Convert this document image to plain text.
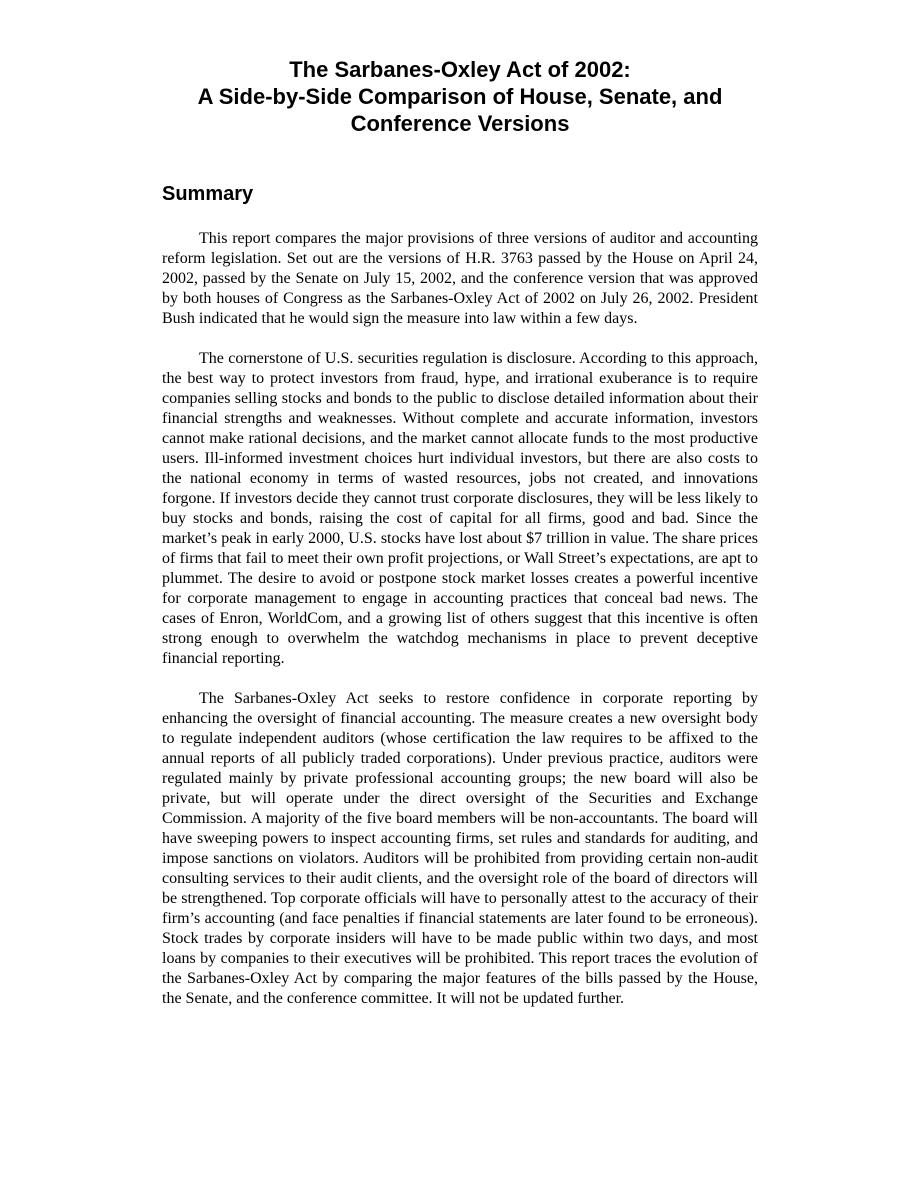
The Sarbanes-Oxley Act of 2002:
A Side-by-Side Comparison of House, Senate, and
Conference Versions
Summary

This report compares the major provisions of three versions of auditor and accounting reform legislation. Set out are the versions of H.R. 3763 passed by the House on April 24, 2002, passed by the Senate on July 15, 2002, and the conference version that was approved by both houses of Congress as the Sarbanes-Oxley Act of 2002 on July 26, 2002. President Bush indicated that he would sign the measure into law within a few days.

The cornerstone of U.S. securities regulation is disclosure. According to this approach, the best way to protect investors from fraud, hype, and irrational exuberance is to require companies selling stocks and bonds to the public to disclose detailed information about their financial strengths and weaknesses. Without complete and accurate information, investors cannot make rational decisions, and the market cannot allocate funds to the most productive users. Ill-informed investment choices hurt individual investors, but there are also costs to the national economy in terms of wasted resources, jobs not created, and innovations forgone. If investors decide they cannot trust corporate disclosures, they will be less likely to buy stocks and bonds, raising the cost of capital for all firms, good and bad. Since the market’s peak in early 2000, U.S. stocks have lost about $7 trillion in value. The share prices of firms that fail to meet their own profit projections, or Wall Street’s expectations, are apt to plummet. The desire to avoid or postpone stock market losses creates a powerful incentive for corporate management to engage in accounting practices that conceal bad news. The cases of Enron, WorldCom, and a growing list of others suggest that this incentive is often strong enough to overwhelm the watchdog mechanisms in place to prevent deceptive financial reporting.

The Sarbanes-Oxley Act seeks to restore confidence in corporate reporting by enhancing the oversight of financial accounting. The measure creates a new oversight body to regulate independent auditors (whose certification the law requires to be affixed to the annual reports of all publicly traded corporations). Under previous practice, auditors were regulated mainly by private professional accounting groups; the new board will also be private, but will operate under the direct oversight of the Securities and Exchange Commission. A majority of the five board members will be non-accountants. The board will have sweeping powers to inspect accounting firms, set rules and standards for auditing, and impose sanctions on violators. Auditors will be prohibited from providing certain non-audit consulting services to their audit clients, and the oversight role of the board of directors will be strengthened. Top corporate officials will have to personally attest to the accuracy of their firm’s accounting (and face penalties if financial statements are later found to be erroneous). Stock trades by corporate insiders will have to be made public within two days, and most loans by companies to their executives will be prohibited. This report traces the evolution of the Sarbanes-Oxley Act by comparing the major features of the bills passed by the House, the Senate, and the conference committee. It will not be updated further.
